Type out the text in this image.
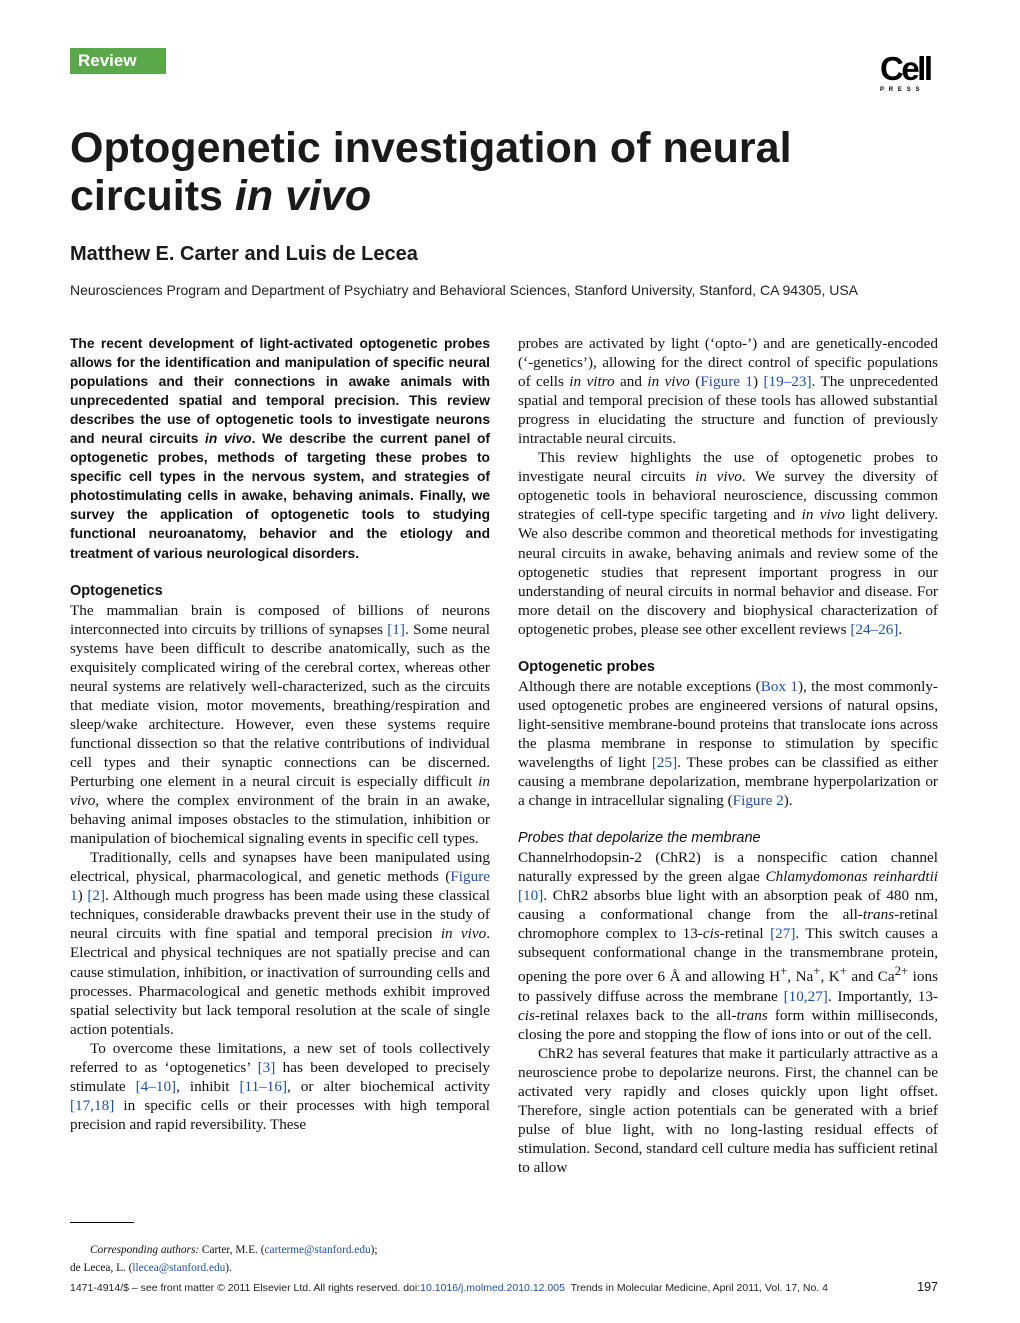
Review	Cell
PRESS
Optogenetic investigation of neural circuits in vivo
Matthew E. Carter and Luis de Lecea
Neurosciences Program and Department of Psychiatry and Behavioral Sciences, Stanford University, Stanford, CA 94305, USA

The recent development of light-activated optogenetic probes allows for the identification and manipulation of specific neural populations and their connections in awake animals with unprecedented spatial and temporal precision. This review describes the use of optogenetic tools to investigate neurons and neural circuits in vivo. We describe the current panel of optogenetic probes, methods of targeting these probes to specific cell types in the nervous system, and strategies of photostimulating cells in awake, behaving animals. Finally, we survey the application of optogenetic tools to studying functional neuroanatomy, behavior and the etiology and treatment of various neurological disorders.

Optogenetics

The mammalian brain is composed of billions of neurons interconnected into circuits by trillions of synapses [1]. Some neural systems have been difficult to describe anatomically, such as the exquisitely complicated wiring of the cerebral cortex, whereas other neural systems are relatively well-characterized, such as the circuits that mediate vision, motor movements, breathing/respiration and sleep/wake architecture. However, even these systems require functional dissection so that the relative contributions of individual cell types and their synaptic connections can be discerned. Perturbing one element in a neural circuit is especially difficult in vivo, where the complex environment of the brain in an awake, behaving animal imposes obstacles to the stimulation, inhibition or manipulation of biochemical signaling events in specific cell types.

Traditionally, cells and synapses have been manipulated using electrical, physical, pharmacological, and genetic methods (Figure 1) [2]. Although much progress has been made using these classical techniques, considerable drawbacks prevent their use in the study of neural circuits with fine spatial and temporal precision in vivo. Electrical and physical techniques are not spatially precise and can cause stimulation, inhibition, or inactivation of surrounding cells and processes. Pharmacological and genetic methods exhibit improved spatial selectivity but lack temporal resolution at the scale of single action potentials.

To overcome these limitations, a new set of tools collectively referred to as ‘optogenetics’ [3] has been developed to precisely stimulate [4–10], inhibit [11–16], or alter biochemical activity [17,18] in specific cells or their processes with high temporal precision and rapid reversibility. These

probes are activated by light (‘opto-’) and are genetically-encoded (‘-genetics’), allowing for the direct control of specific populations of cells in vitro and in vivo (Figure 1) [19–23]. The unprecedented spatial and temporal precision of these tools has allowed substantial progress in elucidating the structure and function of previously intractable neural circuits.

This review highlights the use of optogenetic probes to investigate neural circuits in vivo. We survey the diversity of optogenetic tools in behavioral neuroscience, discussing common strategies of cell-type specific targeting and in vivo light delivery. We also describe common and theoretical methods for investigating neural circuits in awake, behaving animals and review some of the optogenetic studies that represent important progress in our understanding of neural circuits in normal behavior and disease. For more detail on the discovery and biophysical characterization of optogenetic probes, please see other excellent reviews [24–26].

Optogenetic probes

Although there are notable exceptions (Box 1), the most commonly-used optogenetic probes are engineered versions of natural opsins, light-sensitive membrane-bound proteins that translocate ions across the plasma membrane in response to stimulation by specific wavelengths of light [25]. These probes can be classified as either causing a membrane depolarization, membrane hyperpolarization or a change in intracellular signaling (Figure 2).

Probes that depolarize the membrane

Channelrhodopsin-2 (ChR2) is a nonspecific cation channel naturally expressed by the green algae Chlamydomonas reinhardtii [10]. ChR2 absorbs blue light with an absorption peak of 480 nm, causing a conformational change from the all-trans-retinal chromophore complex to 13-cis-retinal [27]. This switch causes a subsequent conformational change in the transmembrane protein, opening the pore over 6 Å and allowing H+, Na+, K+ and $Ca^{2+}$ ions to passively diffuse across the membrane [10,27]. Importantly, 13-cis-retinal relaxes back to the all-trans form within milliseconds, closing the pore and stopping the flow of ions into or out of the cell.

ChR2 has several features that make it particularly attractive as a neuroscience probe to depolarize neurons. First, the channel can be activated very rapidly and closes quickly upon light offset. Therefore, single action potentials can be generated with a brief pulse of blue light, with no long-lasting residual effects of stimulation. Second, standard cell culture media has sufficient retinal to allow

Corresponding authors: Carter, M.E. (carterme@stanford.edu);
de Lecea, L. (llecea@stanford.edu).
1471-4914/$ – see front matter © 2011 Elsevier Ltd. All rights reserved. doi:10.1016/j.molmed.2010.12.005  Trends in Molecular Medicine, April 2011, Vol. 17, No. 4	197
